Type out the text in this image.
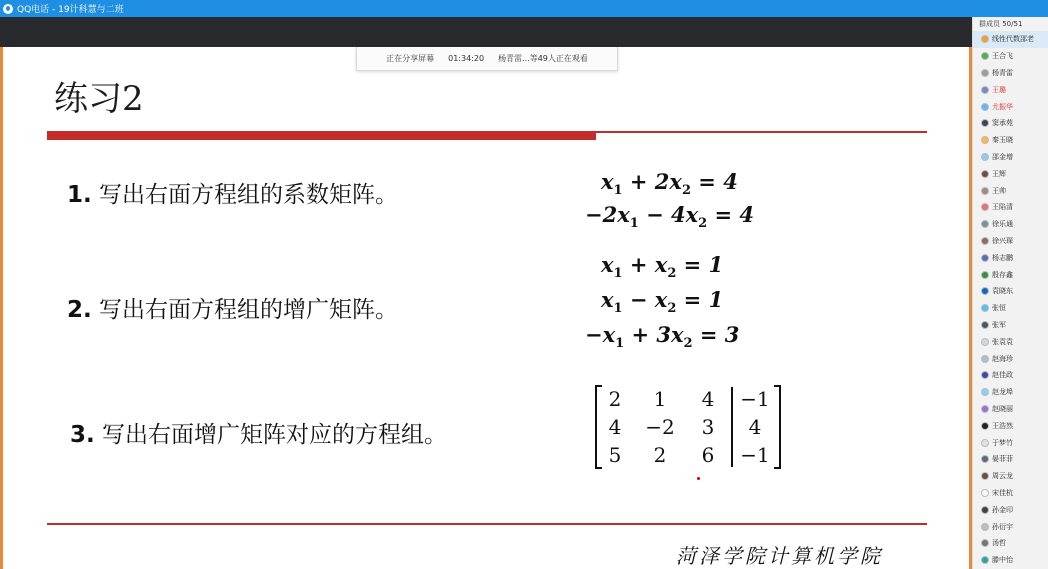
QQ电话 - 19计科慧与二班
练习2
1. 写出右面方程组的系数矩阵。
2. 写出右面方程组的增广矩阵。
3. 写出右面增广矩阵对应的方程组。
$x_1 + 2x_2 = 4$
$-2x_1 - 4x_2 = 4$
$x_1 + x_2 = 1$
$x_1 - x_2 = 1$
$-x_1 + 3x_2 = 3$
2	1	4	−1
4	−2	3	4
5	2	6	−1
菏泽学院计算机学院
正在分享屏幕 01:34:20 杨青雷...等49人正在观看
群成员 50/51
线性代数邵老
王合飞
杨青雷
王璐
尤振华
窦承苑
秦玉晓
邵金增
王辉
王帅
王陷清
徐乐通
徐兴琛
杨志鹏
殷存鑫
袁晓东
张恒
张军
张袁袁
赵海珍
赵佳政
赵龙埠
赵晓丽
王浩然
于梦竹
晏菲菲
周云龙
宋佳杭
孙金印
孙衍宇
汤哲
滕中怡
